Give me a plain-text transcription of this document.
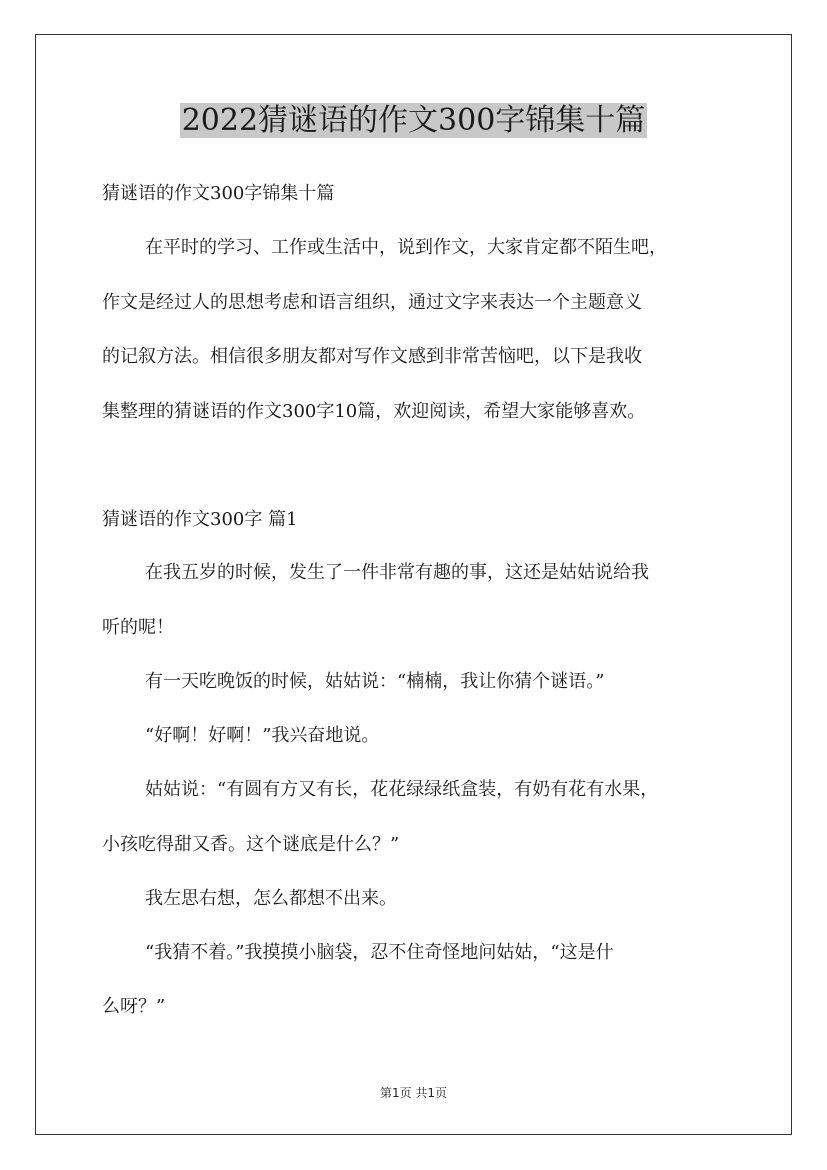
2022猜谜语的作文300字锦集十篇
猜谜语的作文300字锦集十篇
在平时的学习、工作或生活中，说到作文，大家肯定都不陌生吧，
作文是经过人的思想考虑和语言组织，通过文字来表达一个主题意义
的记叙方法。相信很多朋友都对写作文感到非常苦恼吧，以下是我收
集整理的猜谜语的作文300字10篇，欢迎阅读，希望大家能够喜欢。
猜谜语的作文300字 篇1
在我五岁的时候，发生了一件非常有趣的事，这还是姑姑说给我
听的呢！
有一天吃晚饭的时候，姑姑说：“楠楠，我让你猜个谜语。”
“好啊！好啊！”我兴奋地说。
姑姑说：“有圆有方又有长，花花绿绿纸盒装，有奶有花有水果，
小孩吃得甜又香。这个谜底是什么？”
我左思右想，怎么都想不出来。
“我猜不着。”我摸摸小脑袋，忍不住奇怪地问姑姑，“这是什
么呀？”
第1页 共1页
